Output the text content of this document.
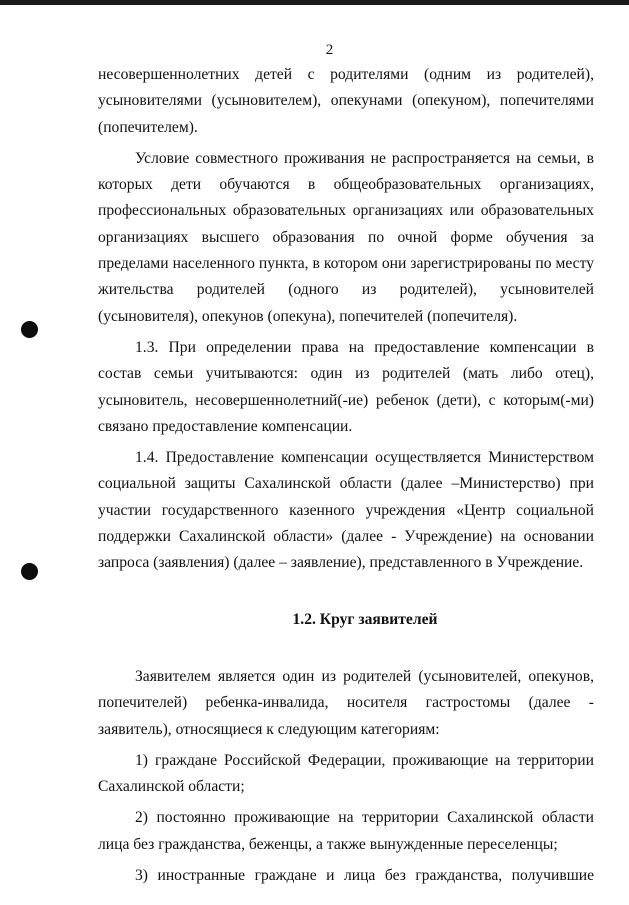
2

несовершеннолетних детей с родителями (одним из родителей), усыновителями (усыновителем), опекунами (опекуном), попечителями (попечителем).

Условие совместного проживания не распространяется на семьи, в которых дети обучаются в общеобразовательных организациях, профессиональных образовательных организациях или образовательных организациях высшего образования по очной форме обучения за пределами населенного пункта, в котором они зарегистрированы по месту жительства родителей (одного из родителей), усыновителей (усыновителя), опекунов (опекуна), попечителей (попечителя).

1.3. При определении права на предоставление компенсации в состав семьи учитываются: один из родителей (мать либо отец), усыновитель, несовершеннолетний(-ие) ребенок (дети), с которым(-ми) связано предоставление компенсации.

1.4. Предоставление компенсации осуществляется Министерством социальной защиты Сахалинской области (далее –Министерство) при участии государственного казенного учреждения «Центр социальной поддержки Сахалинской области» (далее - Учреждение) на основании запроса (заявления) (далее – заявление), представленного в Учреждение.

1.2. Круг заявителей

Заявителем является один из родителей (усыновителей, опекунов, попечителей) ребенка-инвалида, носителя гастростомы (далее - заявитель), относящиеся к следующим категориям:

1) граждане Российской Федерации, проживающие на территории Сахалинской области;

2) постоянно проживающие на территории Сахалинской области лица без гражданства, беженцы, а также вынужденные переселенцы;

3) иностранные граждане и лица без гражданства, получившие
